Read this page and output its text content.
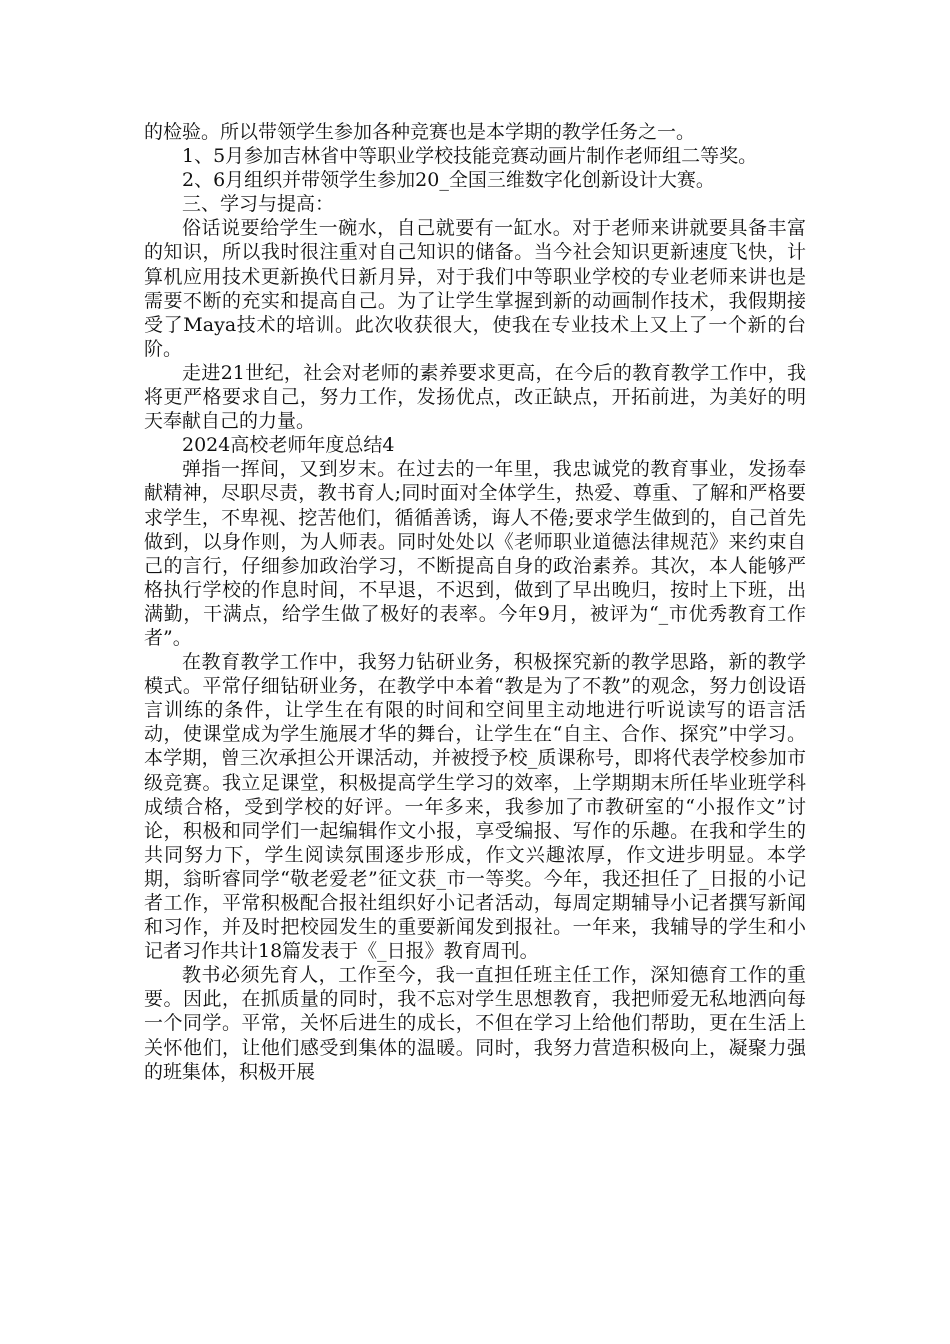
的检验。所以带领学生参加各种竞赛也是本学期的教学任务之一。

1、5月参加吉林省中等职业学校技能竞赛动画片制作老师组二等奖。

2、6月组织并带领学生参加20_全国三维数字化创新设计大赛。

三、学习与提高：

俗话说要给学生一碗水，自己就要有一缸水。对于老师来讲就要具备丰富的知识，所以我时很注重对自己知识的储备。当今社会知识更新速度飞快，计算机应用技术更新换代日新月异，对于我们中等职业学校的专业老师来讲也是需要不断的充实和提高自己。为了让学生掌握到新的动画制作技术，我假期接受了Maya技术的培训。此次收获很大，使我在专业技术上又上了一个新的台阶。

走进21世纪，社会对老师的素养要求更高，在今后的教育教学工作中，我将更严格要求自己，努力工作，发扬优点，改正缺点，开拓前进，为美好的明天奉献自己的力量。

2024高校老师年度总结4

弹指一挥间，又到岁末。在过去的一年里，我忠诚党的教育事业，发扬奉献精神，尽职尽责，教书育人;同时面对全体学生，热爱、尊重、了解和严格要求学生，不卑视、挖苦他们，循循善诱，诲人不倦;要求学生做到的，自己首先做到，以身作则，为人师表。同时处处以《老师职业道德法律规范》来约束自己的言行，仔细参加政治学习，不断提高自身的政治素养。其次，本人能够严格执行学校的作息时间，不早退，不迟到，做到了早出晚归，按时上下班，出满勤，干满点，给学生做了极好的表率。今年9月，被评为“_市优秀教育工作者”。

在教育教学工作中，我努力钻研业务，积极探究新的教学思路，新的教学模式。平常仔细钻研业务，在教学中本着“教是为了不教”的观念，努力创设语言训练的条件，让学生在有限的时间和空间里主动地进行听说读写的语言活动，使课堂成为学生施展才华的舞台，让学生在“自主、合作、探究”中学习。本学期，曾三次承担公开课活动，并被授予校_质课称号，即将代表学校参加市级竞赛。我立足课堂，积极提高学生学习的效率，上学期期末所任毕业班学科成绩合格，受到学校的好评。一年多来，我参加了市教研室的“小报作文”讨论，积极和同学们一起编辑作文小报，享受编报、写作的乐趣。在我和学生的共同努力下，学生阅读氛围逐步形成，作文兴趣浓厚，作文进步明显。本学期，翁昕睿同学“敬老爱老”征文获_市一等奖。今年，我还担任了_日报的小记者工作，平常积极配合报社组织好小记者活动，每周定期辅导小记者撰写新闻和习作，并及时把校园发生的重要新闻发到报社。一年来，我辅导的学生和小记者习作共计18篇发表于《_日报》教育周刊。

教书必须先育人，工作至今，我一直担任班主任工作，深知德育工作的重要。因此，在抓质量的同时，我不忘对学生思想教育，我把师爱无私地洒向每一个同学。平常，关怀后进生的成长，不但在学习上给他们帮助，更在生活上关怀他们，让他们感受到集体的温暖。同时，我努力营造积极向上，凝聚力强的班集体，积极开展
